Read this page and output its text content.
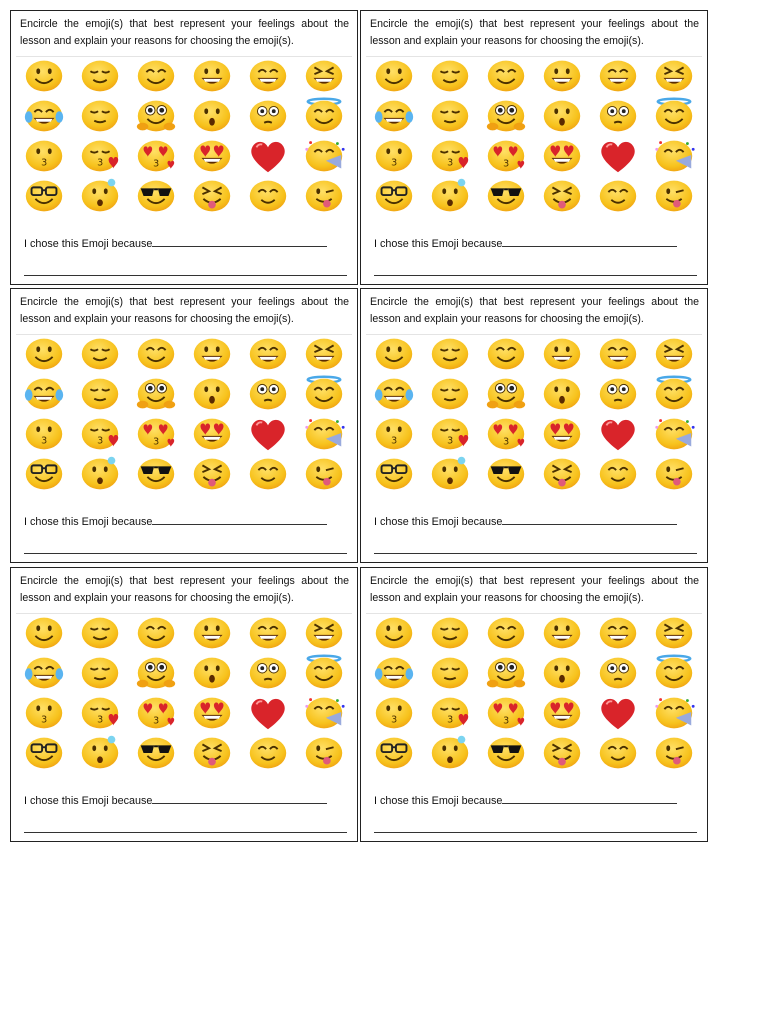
Encircle the emoji(s) that best represent your feelings about the lesson and explain your reasons for choosing the emoji(s).
3	3	3
I chose this Emoji because
Encircle the emoji(s) that best represent your feelings about the lesson and explain your reasons for choosing the emoji(s).
3	3	3
I chose this Emoji because
Encircle the emoji(s) that best represent your feelings about the lesson and explain your reasons for choosing the emoji(s).
3	3	3
I chose this Emoji because
Encircle the emoji(s) that best represent your feelings about the lesson and explain your reasons for choosing the emoji(s).
3	3	3
I chose this Emoji because
Encircle the emoji(s) that best represent your feelings about the lesson and explain your reasons for choosing the emoji(s).
3	3	3
I chose this Emoji because
Encircle the emoji(s) that best represent your feelings about the lesson and explain your reasons for choosing the emoji(s).
3	3	3
I chose this Emoji because
